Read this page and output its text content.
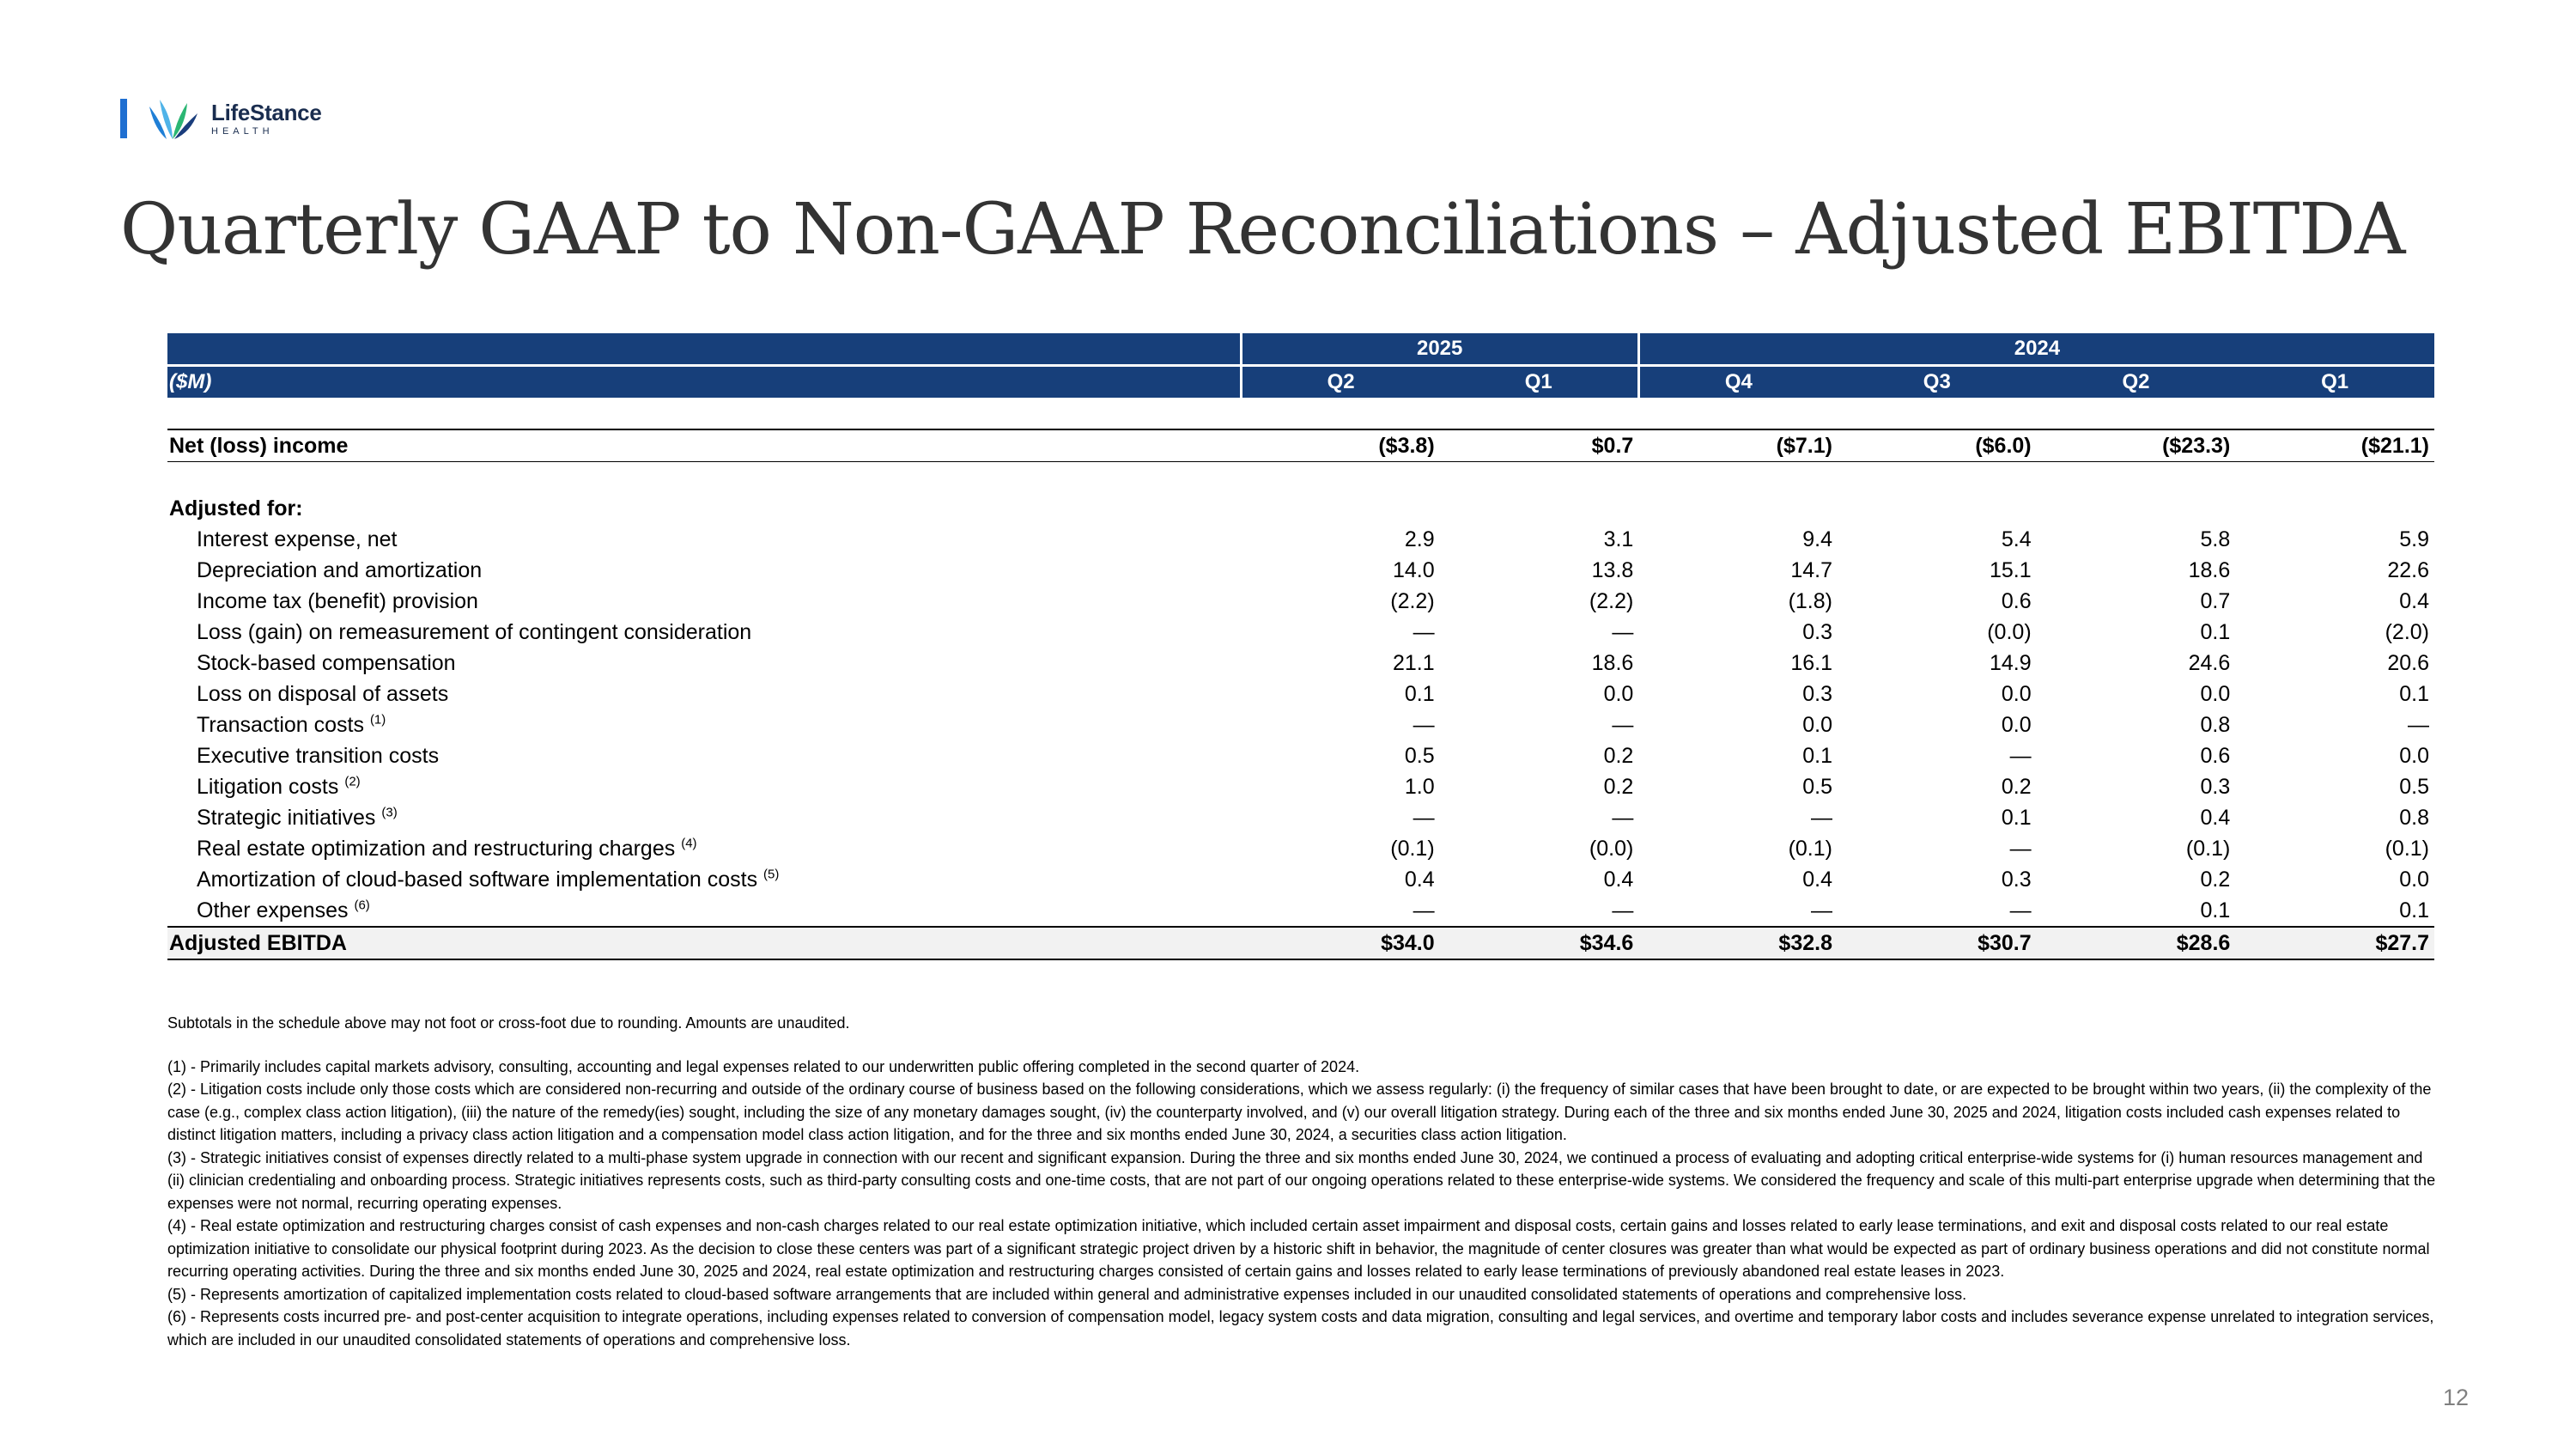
LifeStance
HEALTH
Quarterly GAAP to Non-GAAP Reconciliations – Adjusted EBITDA
	2025		2024			
($M)	Q2	Q1	Q4	Q3	Q2	Q1

Net (loss) income	($3.8)	$0.7	($7.1)	($6.0)	($23.3)	($21.1)

Adjusted for:						
Interest expense, net	2.9	3.1	9.4	5.4	5.8	5.9
Depreciation and amortization	14.0	13.8	14.7	15.1	18.6	22.6
Income tax (benefit) provision	(2.2)	(2.2)	(1.8)	0.6	0.7	0.4
Loss (gain) on remeasurement of contingent consideration	—	—	0.3	(0.0)	0.1	(2.0)
Stock-based compensation	21.1	18.6	16.1	14.9	24.6	20.6
Loss on disposal of assets	0.1	0.0	0.3	0.0	0.0	0.1
Transaction costs $^{(1)}$	—	—	0.0	0.0	0.8	—
Executive transition costs	0.5	0.2	0.1	—	0.6	0.0
Litigation costs $^{(2)}$	1.0	0.2	0.5	0.2	0.3	0.5
Strategic initiatives $^{(3)}$	—	—	—	0.1	0.4	0.8
Real estate optimization and restructuring charges $^{(4)}$	(0.1)	(0.0)	(0.1)	—	(0.1)	(0.1)
Amortization of cloud-based software implementation costs $^{(5)}$	0.4	0.4	0.4	0.3	0.2	0.0
Other expenses $^{(6)}$	—	—	—	—	0.1	0.1
Adjusted EBITDA	$34.0	$34.6	$32.8	$30.7	$28.6	$27.7

Subtotals in the schedule above may not foot or cross-foot due to rounding. Amounts are unaudited.

(1) - Primarily includes capital markets advisory, consulting, accounting and legal expenses related to our underwritten public offering completed in the second quarter of 2024.

(2) - Litigation costs include only those costs which are considered non-recurring and outside of the ordinary course of business based on the following considerations, which we assess regularly: (i) the frequency of similar cases that have been brought to date, or are expected to be brought within two years, (ii) the complexity of the case (e.g., complex class action litigation), (iii) the nature of the remedy(ies) sought, including the size of any monetary damages sought, (iv) the counterparty involved, and (v) our overall litigation strategy. During each of the three and six months ended June 30, 2025 and 2024, litigation costs included cash expenses related to distinct litigation matters, including a privacy class action litigation and a compensation model class action litigation, and for the three and six months ended June 30, 2024, a securities class action litigation.

(3) - Strategic initiatives consist of expenses directly related to a multi-phase system upgrade in connection with our recent and significant expansion. During the three and six months ended June 30, 2024, we continued a process of evaluating and adopting critical enterprise-wide systems for (i) human resources management and (ii) clinician credentialing and onboarding process. Strategic initiatives represents costs, such as third-party consulting costs and one-time costs, that are not part of our ongoing operations related to these enterprise-wide systems. We considered the frequency and scale of this multi-part enterprise upgrade when determining that the expenses were not normal, recurring operating expenses.

(4) - Real estate optimization and restructuring charges consist of cash expenses and non-cash charges related to our real estate optimization initiative, which included certain asset impairment and disposal costs, certain gains and losses related to early lease terminations, and exit and disposal costs related to our real estate optimization initiative to consolidate our physical footprint during 2023. As the decision to close these centers was part of a significant strategic project driven by a historic shift in behavior, the magnitude of center closures was greater than what would be expected as part of ordinary business operations and did not constitute normal recurring operating activities. During the three and six months ended June 30, 2025 and 2024, real estate optimization and restructuring charges consisted of certain gains and losses related to early lease terminations of previously abandoned real estate leases in 2023.

(5) - Represents amortization of capitalized implementation costs related to cloud-based software arrangements that are included within general and administrative expenses included in our unaudited consolidated statements of operations and comprehensive loss.

(6) - Represents costs incurred pre- and post-center acquisition to integrate operations, including expenses related to conversion of compensation model, legacy system costs and data migration, consulting and legal services, and overtime and temporary labor costs and includes severance expense unrelated to integration services, which are included in our unaudited consolidated statements of operations and comprehensive loss.

12
